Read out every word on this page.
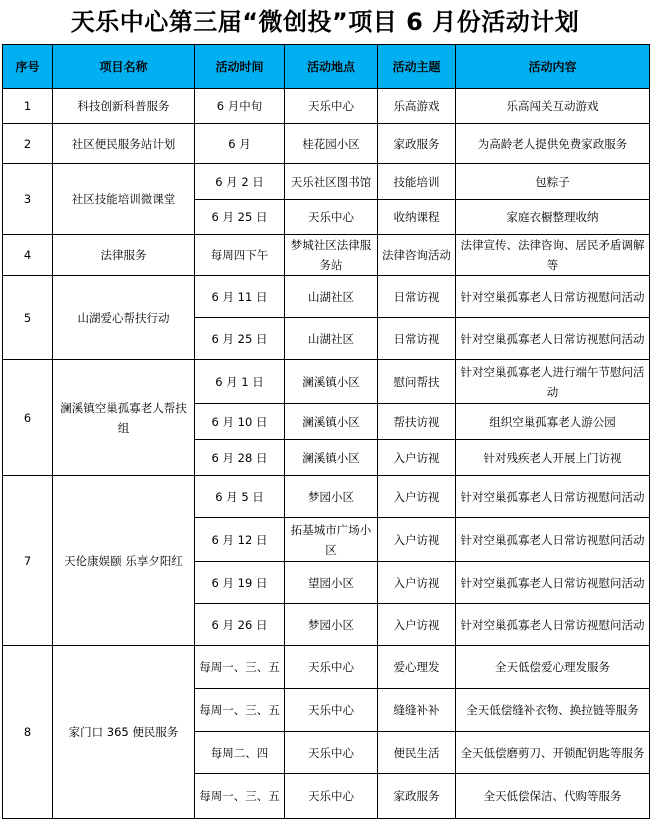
天乐中心第三届“微创投”项目 6 月份活动计划
序号	项目名称	活动时间	活动地点	活动主题	活动内容
1	科技创新科普服务	6 月中旬	天乐中心	乐高游戏	乐高闯关互动游戏
2	社区便民服务站计划	6 月	桂花园小区	家政服务	为高龄老人提供免费家政服务
3	社区技能培训微课堂	6 月 2 日	天乐社区图书馆	技能培训	包粽子
		6 月 25 日	天乐中心	收纳课程	家庭衣橱整理收纳
4	法律服务	每周四下午	梦城社区法律服务站	法律咨询活动	法律宣传、法律咨询、居民矛盾调解等
5	山湖爱心帮扶行动	6 月 11 日	山湖社区	日常访视	针对空巢孤寡老人日常访视慰问活动
		6 月 25 日	山湖社区	日常访视	针对空巢孤寡老人日常访视慰问活动
6	澜溪镇空巢孤寡老人帮扶组	6 月 1 日	澜溪镇小区	慰问帮扶	针对空巢孤寡老人进行端午节慰问活动
		6 月 10 日	澜溪镇小区	帮扶访视	组织空巢孤寡老人游公园
		6 月 28 日	澜溪镇小区	入户访视	针对残疾老人开展上门访视
7	天伦康娱颐 乐享夕阳红	6 月 5 日	梦园小区	入户访视	针对空巢孤寡老人日常访视慰问活动
		6 月 12 日	拓基城市广场小区	入户访视	针对空巢孤寡老人日常访视慰问活动
		6 月 19 日	望园小区	入户访视	针对空巢孤寡老人日常访视慰问活动
		6 月 26 日	梦园小区	入户访视	针对空巢孤寡老人日常访视慰问活动
8	家门口 365 便民服务	每周一、三、五	天乐中心	爱心理发	全天低偿爱心理发服务
		每周一、三、五	天乐中心	缝缝补补	全天低偿缝补衣物、换拉链等服务
		每周二、四	天乐中心	便民生活	全天低偿磨剪刀、开锁配钥匙等服务
		每周一、三、五	天乐中心	家政服务	全天低偿保洁、代购等服务
